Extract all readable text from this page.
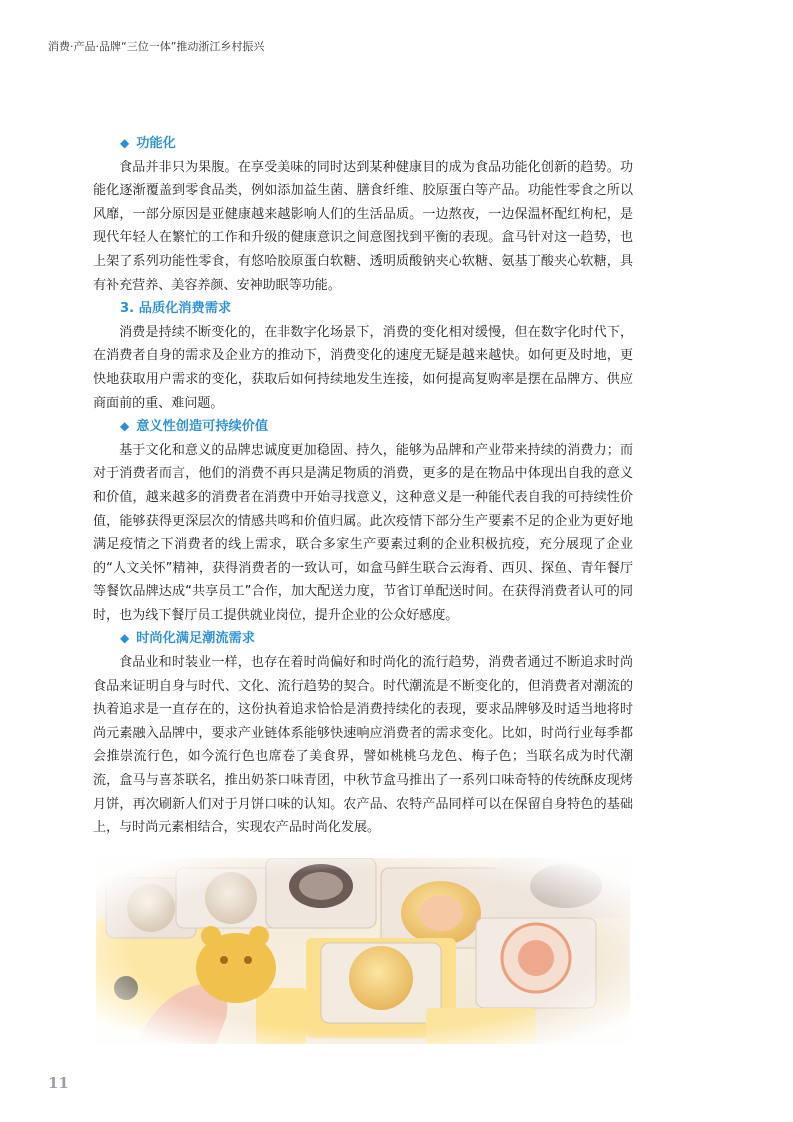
消费·产品·品牌“三位一体”推动浙江乡村振兴
◆ 功能化

食品并非只为果腹。在享受美味的同时达到某种健康目的成为食品功能化创新的趋势。功能化逐渐覆盖到零食品类，例如添加益生菌、膳食纤维、胶原蛋白等产品。功能性零食之所以风靡，一部分原因是亚健康越来越影响人们的生活品质。一边熬夜，一边保温杯配红枸杞，是现代年轻人在繁忙的工作和升级的健康意识之间意图找到平衡的表现。盒马针对这一趋势，也上架了系列功能性零食，有悠哈胶原蛋白软糖、透明质酸钠夹心软糖、氨基丁酸夹心软糖，具有补充营养、美容养颜、安神助眠等功能。

3. 品质化消费需求

消费是持续不断变化的，在非数字化场景下，消费的变化相对缓慢，但在数字化时代下，在消费者自身的需求及企业方的推动下，消费变化的速度无疑是越来越快。如何更及时地，更快地获取用户需求的变化，获取后如何持续地发生连接，如何提高复购率是摆在品牌方、供应商面前的重、难问题。

◆ 意义性创造可持续价值

基于文化和意义的品牌忠诚度更加稳固、持久，能够为品牌和产业带来持续的消费力；而对于消费者而言，他们的消费不再只是满足物质的消费，更多的是在物品中体现出自我的意义和价值，越来越多的消费者在消费中开始寻找意义，这种意义是一种能代表自我的可持续性价值，能够获得更深层次的情感共鸣和价值归属。此次疫情下部分生产要素不足的企业为更好地满足疫情之下消费者的线上需求，联合多家生产要素过剩的企业积极抗疫，充分展现了企业的“人文关怀”精神，获得消费者的一致认可，如盒马鲜生联合云海肴、西贝、探鱼、青年餐厅等餐饮品牌达成“共享员工”合作，加大配送力度，节省订单配送时间。在获得消费者认可的同时，也为线下餐厅员工提供就业岗位，提升企业的公众好感度。

◆ 时尚化满足潮流需求

食品业和时装业一样，也存在着时尚偏好和时尚化的流行趋势，消费者通过不断追求时尚食品来证明自身与时代、文化、流行趋势的契合。时代潮流是不断变化的，但消费者对潮流的执着追求是一直存在的，这份执着追求恰恰是消费持续化的表现，要求品牌够及时适当地将时尚元素融入品牌中，要求产业链体系能够快速响应消费者的需求变化。比如，时尚行业每季都会推崇流行色，如今流行色也席卷了美食界，譬如桃桃乌龙色、梅子色；当联名成为时代潮流，盒马与喜茶联名，推出奶茶口味青团，中秋节盒马推出了一系列口味奇特的传统酥皮现烤月饼，再次刷新人们对于月饼口味的认知。农产品、农特产品同样可以在保留自身特色的基础上，与时尚元素相结合，实现农产品时尚化发展。

11
